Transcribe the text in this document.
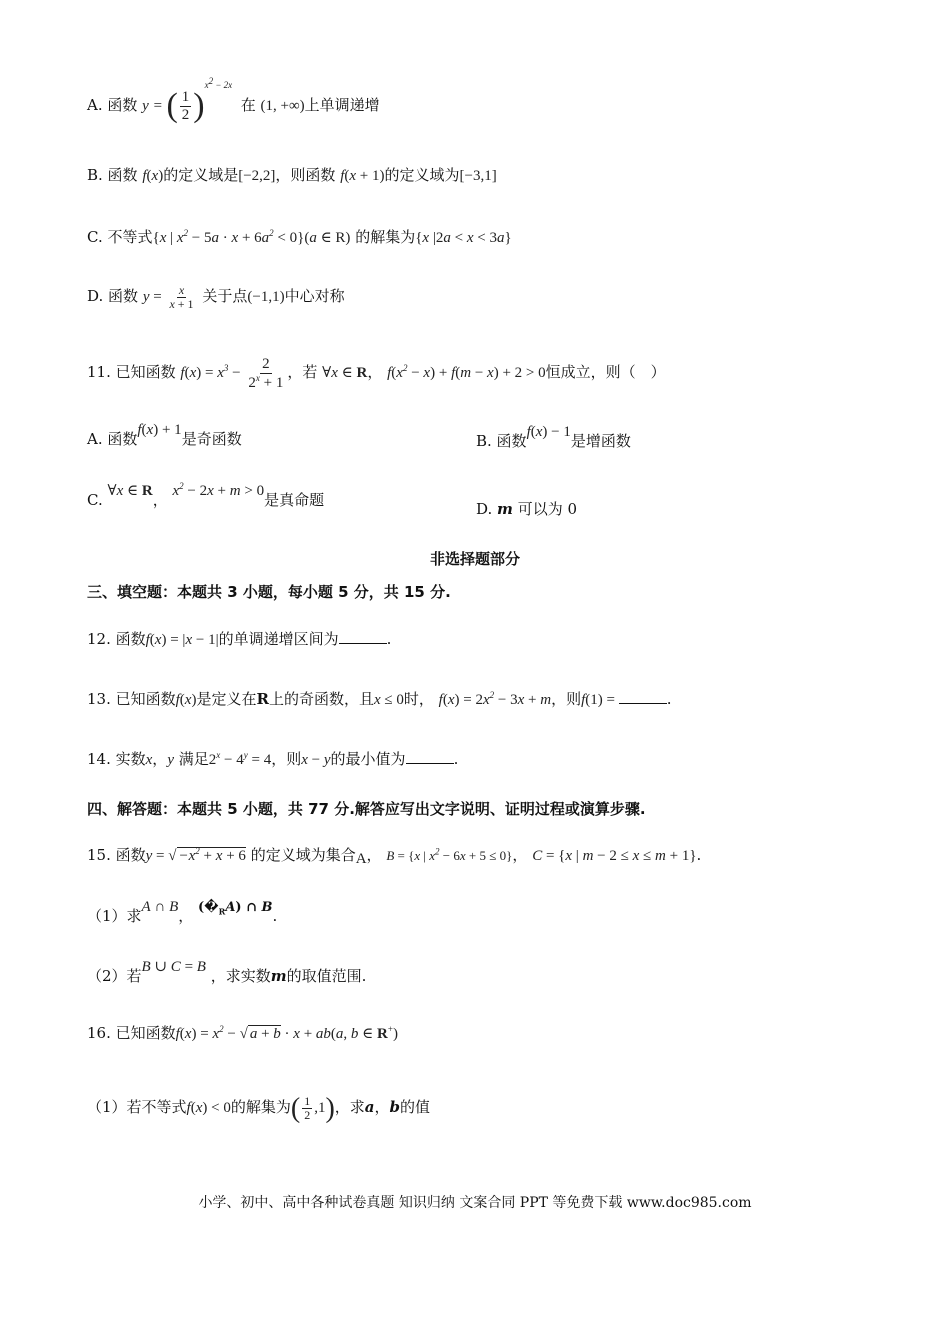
A. 函数 y = ( $\frac{1}{2} )^{x^2 - 2x}$  在 (1, +∞)上单调递增
B. 函数 f(x)的定义域是[−2,2]，则函数 f(x + 1)的定义域为[−3,1]
C. 不等式{x | $x^2 - 5a \cdot x + 6a^2 < 0\}(a$ ∈ R) 的解集为{x |2a < x < 3a}
D. 函数 $y = \frac{x}{x + 1}$ 关于点(−1,1)中心对称
11. 已知函数 $f(x) = x^3 - \frac{2}{2^x + 1}$ ，若 ∀x ∈ R， $f(x^2 - x) + f(m - x) + 2 > 0$恒成立，则（　）
A. 函数f(x) + 1是奇函数	B. 函数f(x) − 1是增函数
C. ∀x ∈ R， $x^2 - 2x + m > 0$是真命题	D. m 可以为 0
非选择题部分
三、填空题：本题共 3 小题，每小题 5 分，共 15 分.
12. 函数f(x) = |x − 1|的单调递增区间为	.
13. 已知函数f(x)是定义在R上的奇函数，且x ≤ 0时， $f(x) = 2x^2 - 3x + m$，则f(1) =	.
14. 实数x，y 满足$2^x - 4^y = 4$，则x − y的最小值为	.
四、解答题：本题共 5 小题，共 77 分.解答应写出文字说明、证明过程或演算步骤.
15. 函数y = √ $-x^2 + x + 6$ 的定义域为集合A， B = {x | $x^2 - 6x + 5 \le 0$}， C = {x | m − 2 ≤ x ≤ m + 1}.
（1）求A ∩ B， $(�_RA)$ ∩ B.
（2）若B ∪ C = B ，求实数m的取值范围.
16. 已知函数$f(x) = x^2$ − √ a + b · x + ab(a, b ∈ R+)
（1）若不等式f(x) < 0的解集为( $\frac{1}{2} ,1$)，求a，b的值
小学、初中、高中各种试卷真题 知识归纳 文案合同 PPT 等免费下载 www.doc985.com
